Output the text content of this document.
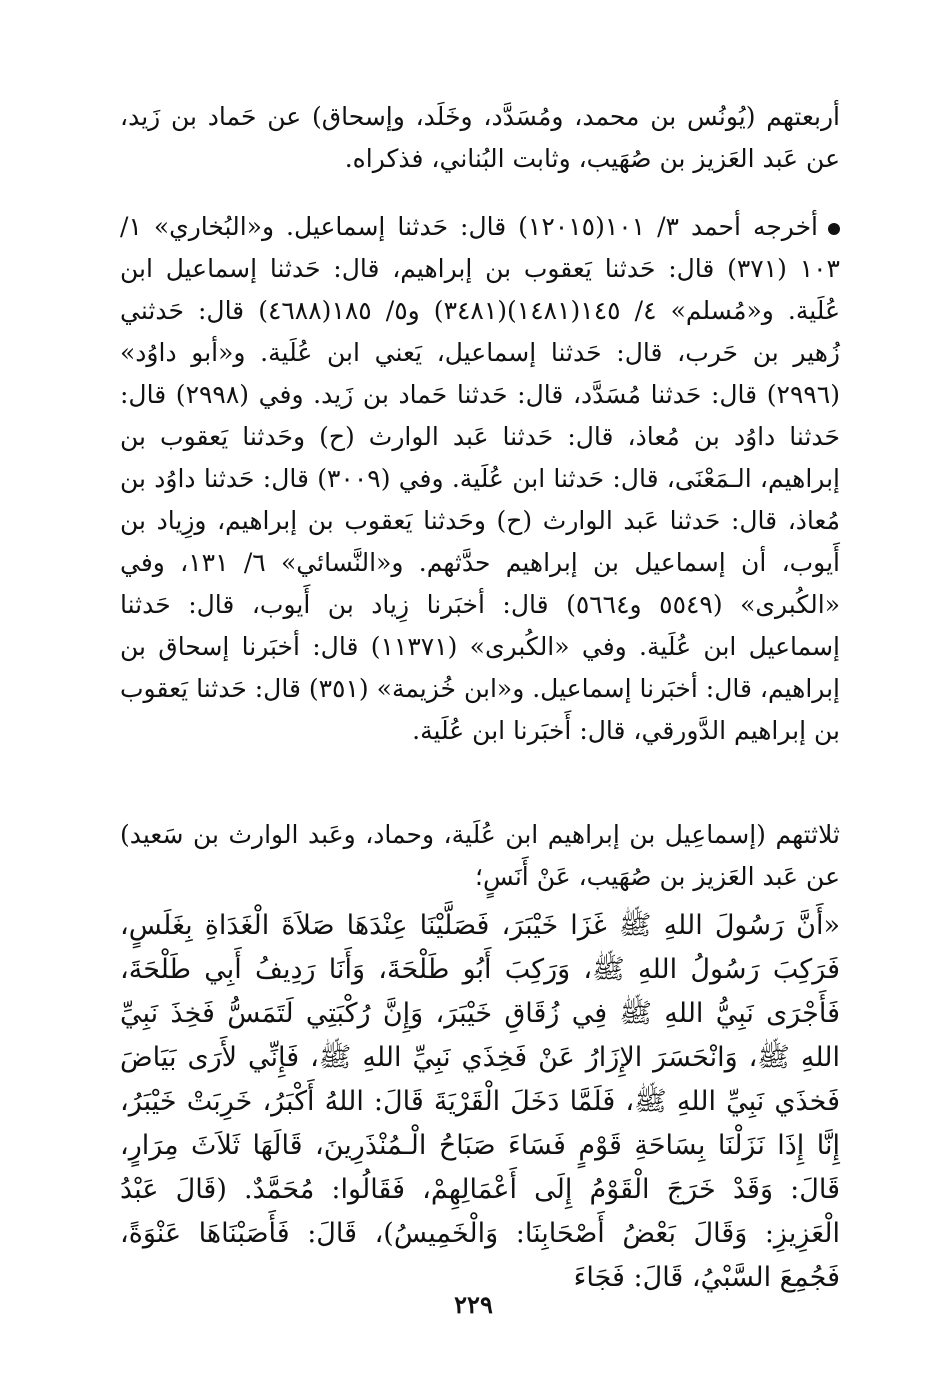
أربعتهم (يُونُس بن محمد، ومُسَدَّد، وخَلَد، وإسحاق) عن حَماد بن زَيد، عن عَبد العَزيز بن صُهَيب، وثابت البُناني، فذكراه.

أخرجه أحمد ٣/ ١٠١(١٢٠١٥) قال: حَدثنا إسماعيل. و«البُخاري» ١/ ١٠٣ (٣٧١) قال: حَدثنا يَعقوب بن إبراهيم، قال: حَدثنا إسماعيل ابن عُلَية. و«مُسلم» ٤/ ١٤٥(١٤٨١)(٣٤٨١) و٥/ ١٨٥(٤٦٨٨) قال: حَدثني زُهير بن حَرب، قال: حَدثنا إسماعيل، يَعني ابن عُلَية. و«أبو داوُد» (٢٩٩٦) قال: حَدثنا مُسَدَّد، قال: حَدثنا حَماد بن زَيد. وفي (٢٩٩٨) قال: حَدثنا داوُد بن مُعاذ، قال: حَدثنا عَبد الوارث (ح) وحَدثنا يَعقوب بن إبراهيم، الـمَعْنَى، قال: حَدثنا ابن عُلَية. وفي (٣٠٠٩) قال: حَدثنا داوُد بن مُعاذ، قال: حَدثنا عَبد الوارث (ح) وحَدثنا يَعقوب بن إبراهيم، وزِياد بن أَيوب، أن إسماعيل بن إبراهيم حدَّثهم. و«النَّسائي» ٦/ ١٣١، وفي «الكُبرى» (٥٥٤٩ و٥٦٦٤) قال: أخبَرنا زِياد بن أَيوب، قال: حَدثنا إسماعيل ابن عُلَية. وفي «الكُبرى» (١١٣٧١) قال: أخبَرنا إسحاق بن إبراهيم، قال: أخبَرنا إسماعيل. و«ابن خُزيمة» (٣٥١) قال: حَدثنا يَعقوب بن إبراهيم الدَّورقي، قال: أَخبَرنا ابن عُلَية.

ثلاثتهم (إسماعِيل بن إبراهيم ابن عُلَية، وحماد، وعَبد الوارث بن سَعيد) عن عَبد العَزيز بن صُهَيب، عَنْ أَنَسٍ؛

«أَنَّ رَسُولَ اللهِ ﷺ غَزَا خَيْبَرَ، فَصَلَّيْنَا عِنْدَهَا صَلاَةَ الْغَدَاةِ بِغَلَسٍ، فَرَكِبَ رَسُولُ اللهِ ﷺ، وَرَكِبَ أَبُو طَلْحَةَ، وَأَنَا رَدِيفُ أَبِي طَلْحَةَ، فَأَجْرَى نَبِيُّ اللهِ ﷺ فِي زُقَاقِ خَيْبَرَ، وَإِنَّ رُكْبَتِي لَتَمَسُّ فَخِذَ نَبِيِّ اللهِ ﷺ، وَانْحَسَرَ الإِزَارُ عَنْ فَخِذَي نَبِيِّ اللهِ ﷺ، فَإِنِّي لأَرَى بَيَاضَ فَخذَي نَبِيِّ اللهِ ﷺ، فَلَمَّا دَخَلَ الْقَرْيَةَ قَالَ: اللهُ أَكْبَرُ، خَرِبَتْ خَيْبَرُ، إِنَّا إِذَا نَزَلْنَا بِسَاحَةِ قَوْمٍ فَسَاءَ صَبَاحُ الْـمُنْذَرِينَ، قَالَهَا ثَلاَثَ مِرَارٍ، قَالَ: وَقَدْ خَرَجَ الْقَوْمُ إِلَى أَعْمَالِهِمْ، فَقَالُوا: مُحَمَّدٌ. (قَالَ عَبْدُ الْعَزِيزِ: وَقَالَ بَعْضُ أَصْحَابِنَا: وَالْخَمِيسُ)، قَالَ: فَأَصَبْنَاهَا عَنْوَةً، فَجُمِعَ السَّبْيُ، قَالَ: فَجَاءَ

٢٢٩
